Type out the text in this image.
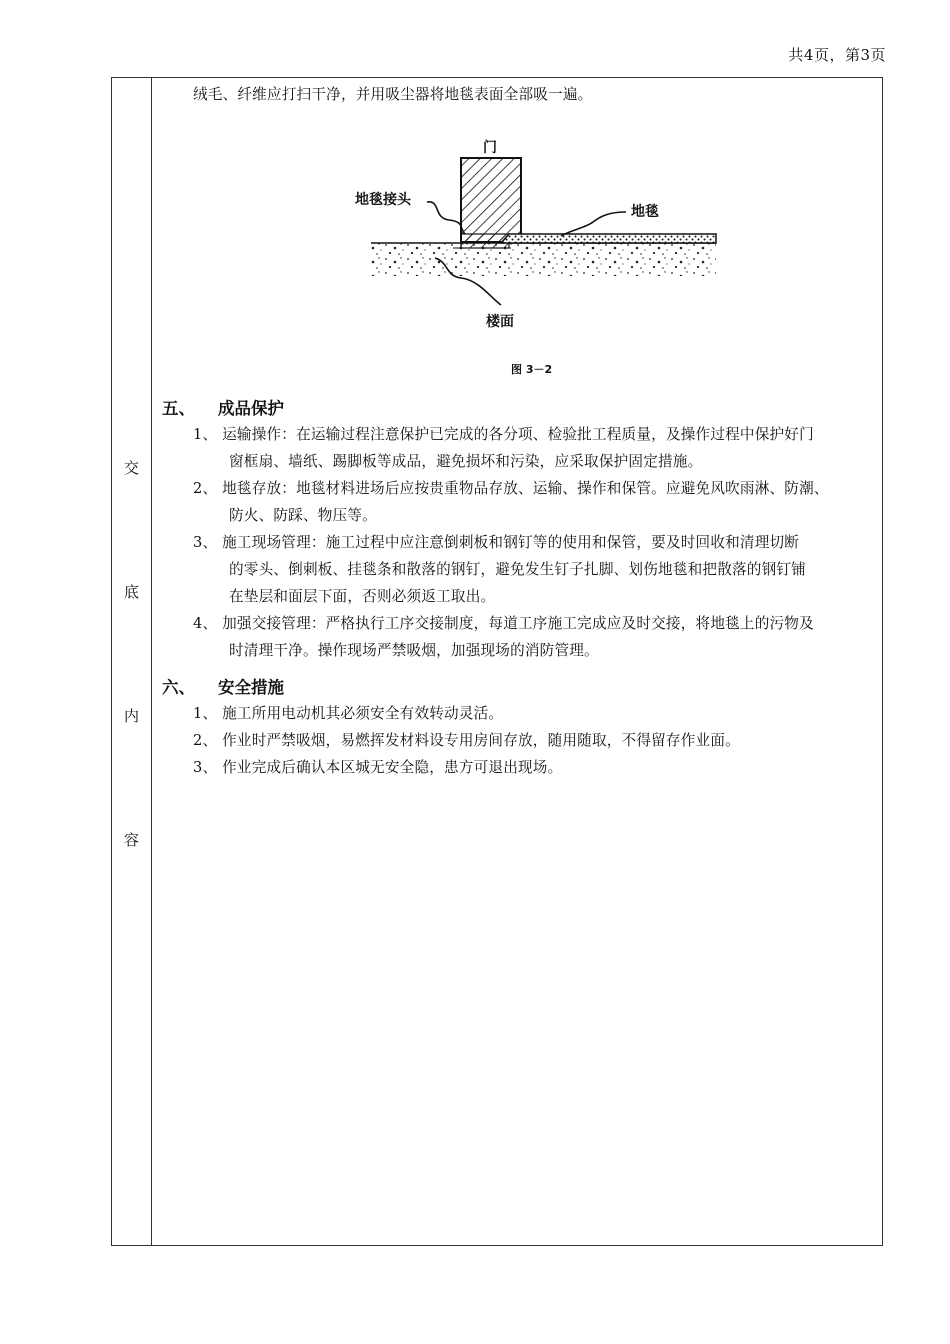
共4页，第3页
交
底
内
容
绒毛、纤维应打扫干净，并用吸尘器将地毯表面全部吸一遍。
门
地毯接头
地毯
楼面
图 3－2
五、 成品保护
1、 运输操作：在运输过程注意保护已完成的各分项、检验批工程质量，及操作过程中保护好门
窗框扇、墙纸、踢脚板等成品，避免损坏和污染，应采取保护固定措施。
2、 地毯存放：地毯材料进场后应按贵重物品存放、运输、操作和保管。应避免风吹雨淋、防潮、
防火、防踩、物压等。
3、 施工现场管理：施工过程中应注意倒刺板和钢钉等的使用和保管，要及时回收和清理切断
的零头、倒刺板、挂毯条和散落的钢钉，避免发生钉子扎脚、划伤地毯和把散落的钢钉铺
在垫层和面层下面，否则必须返工取出。
4、 加强交接管理：严格执行工序交接制度，每道工序施工完成应及时交接，将地毯上的污物及
时清理干净。操作现场严禁吸烟，加强现场的消防管理。
六、 安全措施
1、 施工所用电动机其必须安全有效转动灵活。
2、 作业时严禁吸烟，易燃挥发材料设专用房间存放，随用随取，不得留存作业面。
3、 作业完成后确认本区城无安全隐，患方可退出现场。
